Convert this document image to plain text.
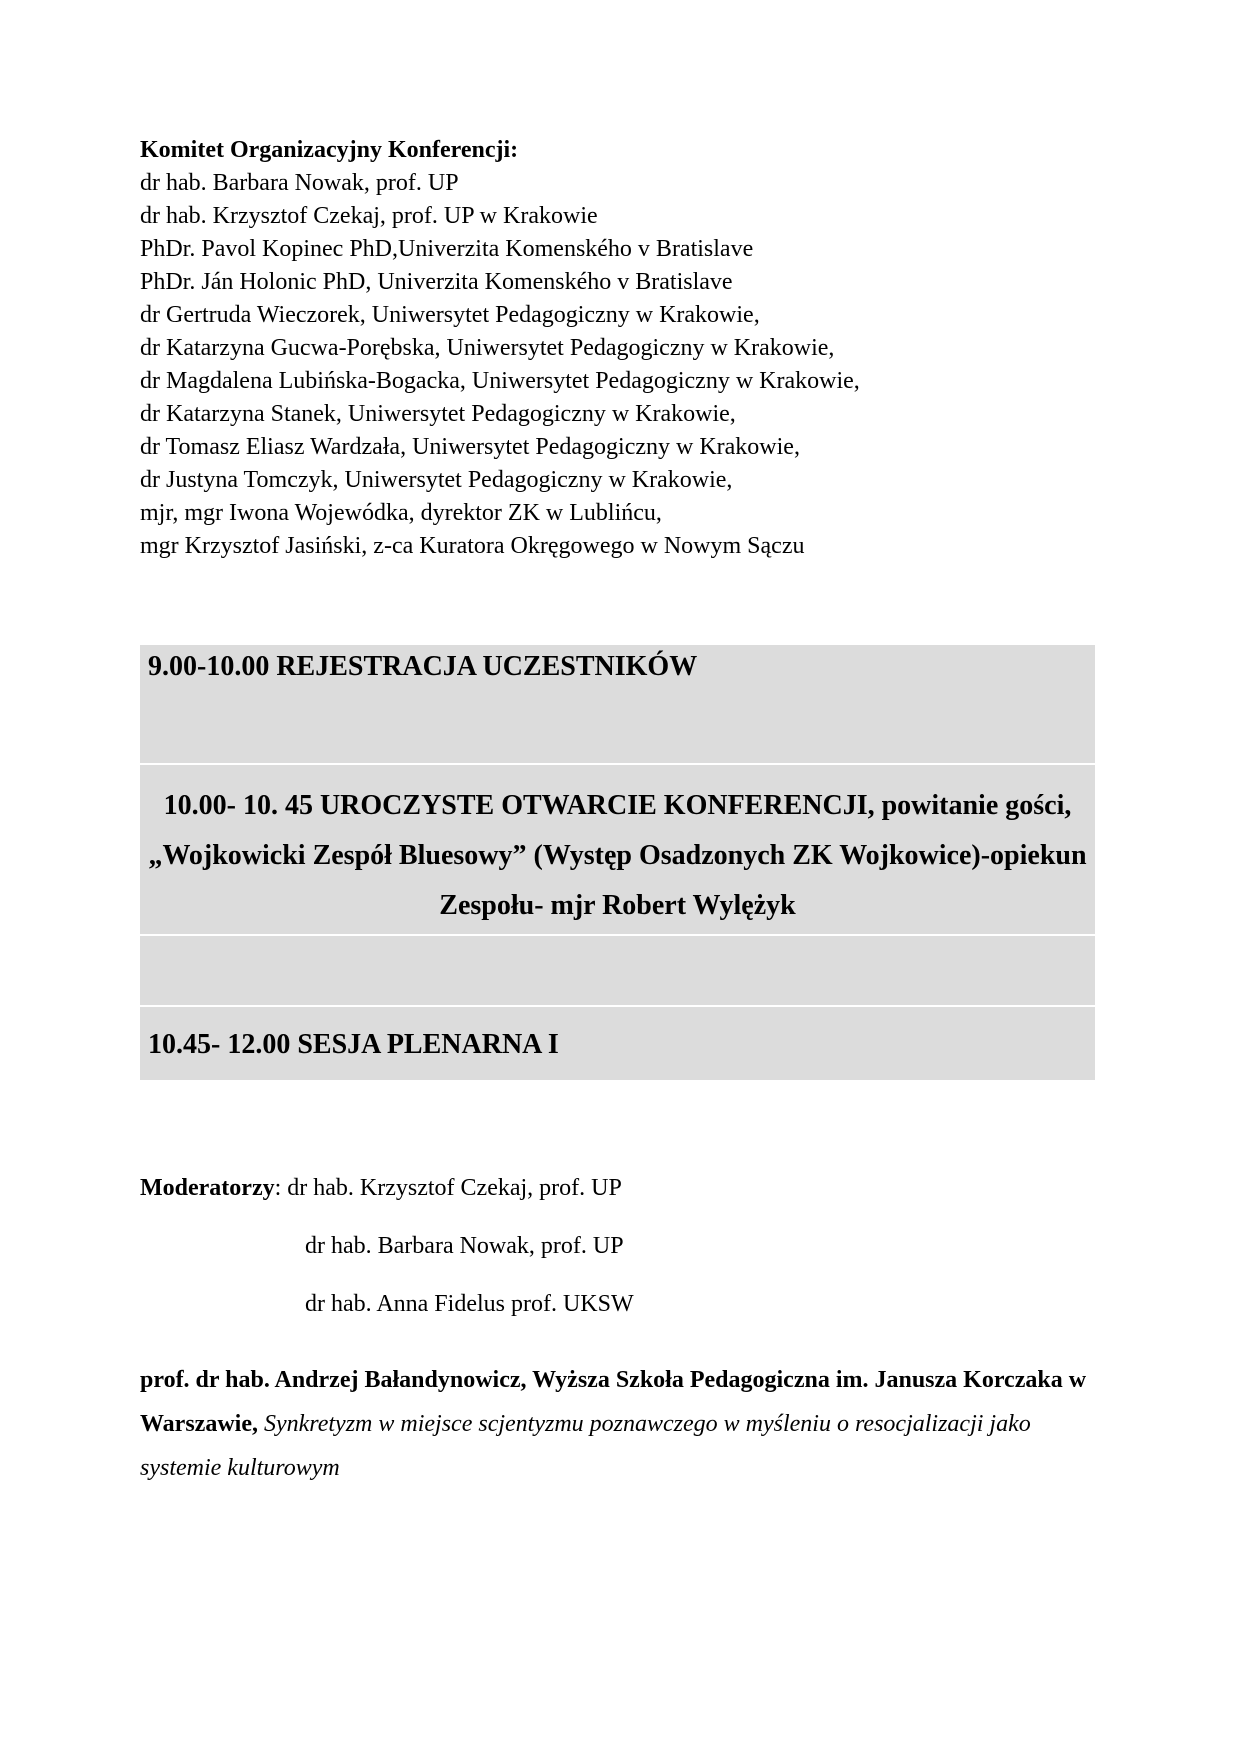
Komitet Organizacyjny Konferencji:

dr hab. Barbara Nowak, prof. UP
dr hab. Krzysztof Czekaj, prof. UP w Krakowie
PhDr. Pavol Kopinec PhD,Univerzita Komenského v Bratislave
PhDr. Ján Holonic PhD, Univerzita Komenského v Bratislave
dr Gertruda Wieczorek, Uniwersytet Pedagogiczny w Krakowie,
dr Katarzyna Gucwa-Porębska, Uniwersytet Pedagogiczny w Krakowie,
dr Magdalena Lubińska-Bogacka, Uniwersytet Pedagogiczny w Krakowie,
dr Katarzyna Stanek, Uniwersytet Pedagogiczny w Krakowie,
dr Tomasz Eliasz Wardzała, Uniwersytet Pedagogiczny w Krakowie,
dr Justyna Tomczyk, Uniwersytet Pedagogiczny w Krakowie,
mjr, mgr Iwona Wojewódka, dyrektor ZK w Lublińcu,
mgr Krzysztof Jasiński, z-ca Kuratora Okręgowego w Nowym Sączu
9.00-10.00 REJESTRACJA UCZESTNIKÓW
10.00- 10. 45 UROCZYSTE OTWARCIE KONFERENCJI, powitanie gości,
„Wojkowicki Zespół Bluesowy” (Występ Osadzonych ZK Wojkowice)-opiekun
Zespołu- mjr Robert Wylężyk
10.45- 12.00 SESJA PLENARNA I

Moderatorzy: dr hab. Krzysztof Czekaj, prof. UP

dr hab. Barbara Nowak, prof. UP

dr hab. Anna Fidelus prof. UKSW

prof. dr hab. Andrzej Bałandynowicz, Wyższa Szkoła Pedagogiczna im. Janusza Korczaka w Warszawie, Synkretyzm w miejsce scjentyzmu poznawczego w myśleniu o resocjalizacji jako systemie kulturowym
